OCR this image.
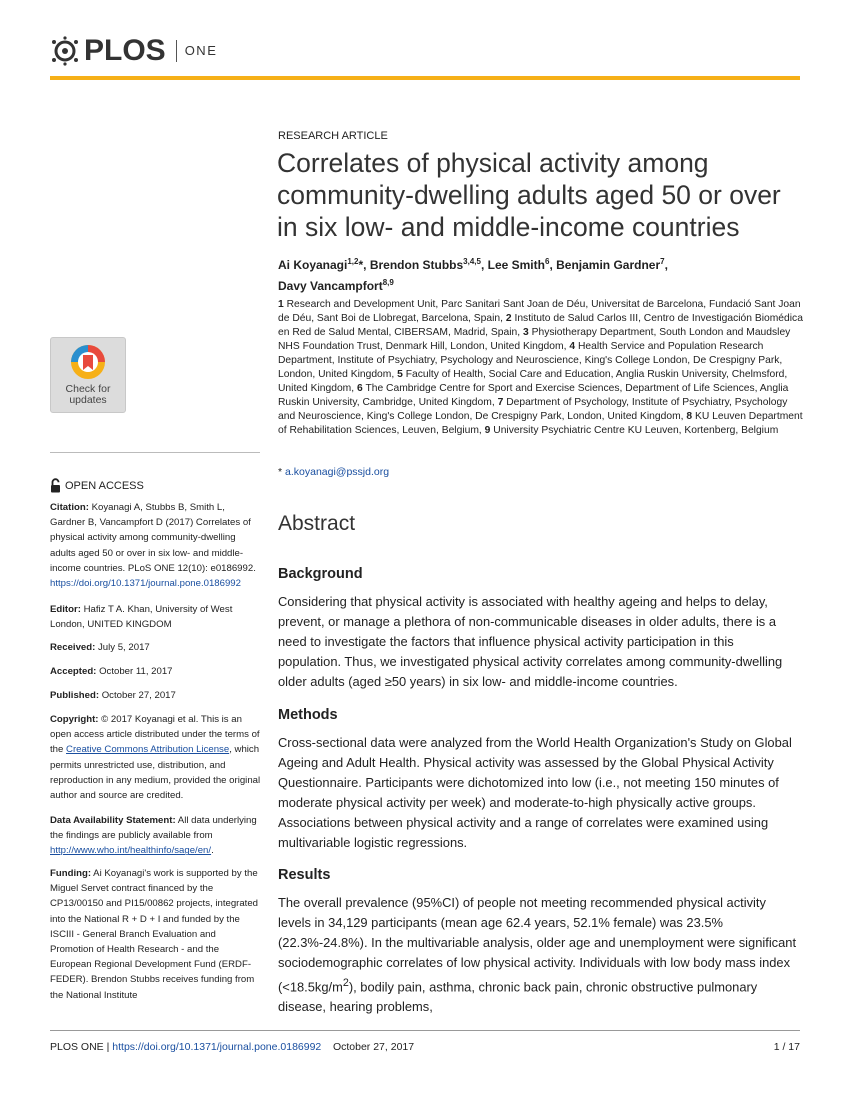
PLOS ONE
RESEARCH ARTICLE
Correlates of physical activity among community-dwelling adults aged 50 or over in six low- and middle-income countries
Ai Koyanagi$^{1,2}$*, Brendon Stubbs$^{3,4,5}$, Lee Smith$^6$, Benjamin Gardner$^7$,
Davy Vancampfort$^{8,9}$
1 Research and Development Unit, Parc Sanitari Sant Joan de Déu, Universitat de Barcelona, Fundació Sant Joan de Déu, Sant Boi de Llobregat, Barcelona, Spain, 2 Instituto de Salud Carlos III, Centro de Investigación Biomédica en Red de Salud Mental, CIBERSAM, Madrid, Spain, 3 Physiotherapy Department, South London and Maudsley NHS Foundation Trust, Denmark Hill, London, United Kingdom, 4 Health Service and Population Research Department, Institute of Psychiatry, Psychology and Neuroscience, King's College London, De Crespigny Park, London, United Kingdom, 5 Faculty of Health, Social Care and Education, Anglia Ruskin University, Chelmsford, United Kingdom, 6 The Cambridge Centre for Sport and Exercise Sciences, Department of Life Sciences, Anglia Ruskin University, Cambridge, United Kingdom, 7 Department of Psychology, Institute of Psychiatry, Psychology and Neuroscience, King's College London, De Crespigny Park, London, United Kingdom, 8 KU Leuven Department of Rehabilitation Sciences, Leuven, Belgium, 9 University Psychiatric Centre KU Leuven, Kortenberg, Belgium
* a.koyanagi@pssjd.org
Abstract
Background
Considering that physical activity is associated with healthy ageing and helps to delay, prevent, or manage a plethora of non-communicable diseases in older adults, there is a need to investigate the factors that influence physical activity participation in this population. Thus, we investigated physical activity correlates among community-dwelling older adults (aged ≥50 years) in six low- and middle-income countries.
Methods
Cross-sectional data were analyzed from the World Health Organization's Study on Global Ageing and Adult Health. Physical activity was assessed by the Global Physical Activity Questionnaire. Participants were dichotomized into low (i.e., not meeting 150 minutes of moderate physical activity per week) and moderate-to-high physically active groups. Associations between physical activity and a range of correlates were examined using multivariable logistic regressions.
Results
The overall prevalence (95%CI) of people not meeting recommended physical activity levels in 34,129 participants (mean age 62.4 years, 52.1% female) was 23.5% (22.3%-24.8%). In the multivariable analysis, older age and unemployment were significant sociodemographic correlates of low physical activity. Individuals with low body mass index $(<18.5kg/m^2)$, bodily pain, asthma, chronic back pain, chronic obstructive pulmonary disease, hearing problems,
Check for
updates
OPEN ACCESS
Citation: Koyanagi A, Stubbs B, Smith L, Gardner B, Vancampfort D (2017) Correlates of physical activity among community-dwelling adults aged 50 or over in six low- and middle-income countries. PLoS ONE 12(10): e0186992. https://doi.org/10.1371/journal.pone.0186992
Editor: Hafiz T A. Khan, University of West London, UNITED KINGDOM
Received: July 5, 2017
Accepted: October 11, 2017
Published: October 27, 2017
Copyright: © 2017 Koyanagi et al. This is an open access article distributed under the terms of the Creative Commons Attribution License, which permits unrestricted use, distribution, and reproduction in any medium, provided the original author and source are credited.
Data Availability Statement: All data underlying the findings are publicly available from http://www.who.int/healthinfo/sage/en/.
Funding: Ai Koyanagi's work is supported by the Miguel Servet contract financed by the CP13/00150 and PI15/00862 projects, integrated into the National R + D + I and funded by the ISCIII - General Branch Evaluation and Promotion of Health Research - and the European Regional Development Fund (ERDF-FEDER). Brendon Stubbs receives funding from the National Institute
PLOS ONE | https://doi.org/10.1371/journal.pone.0186992 October 27, 2017	1 / 17
